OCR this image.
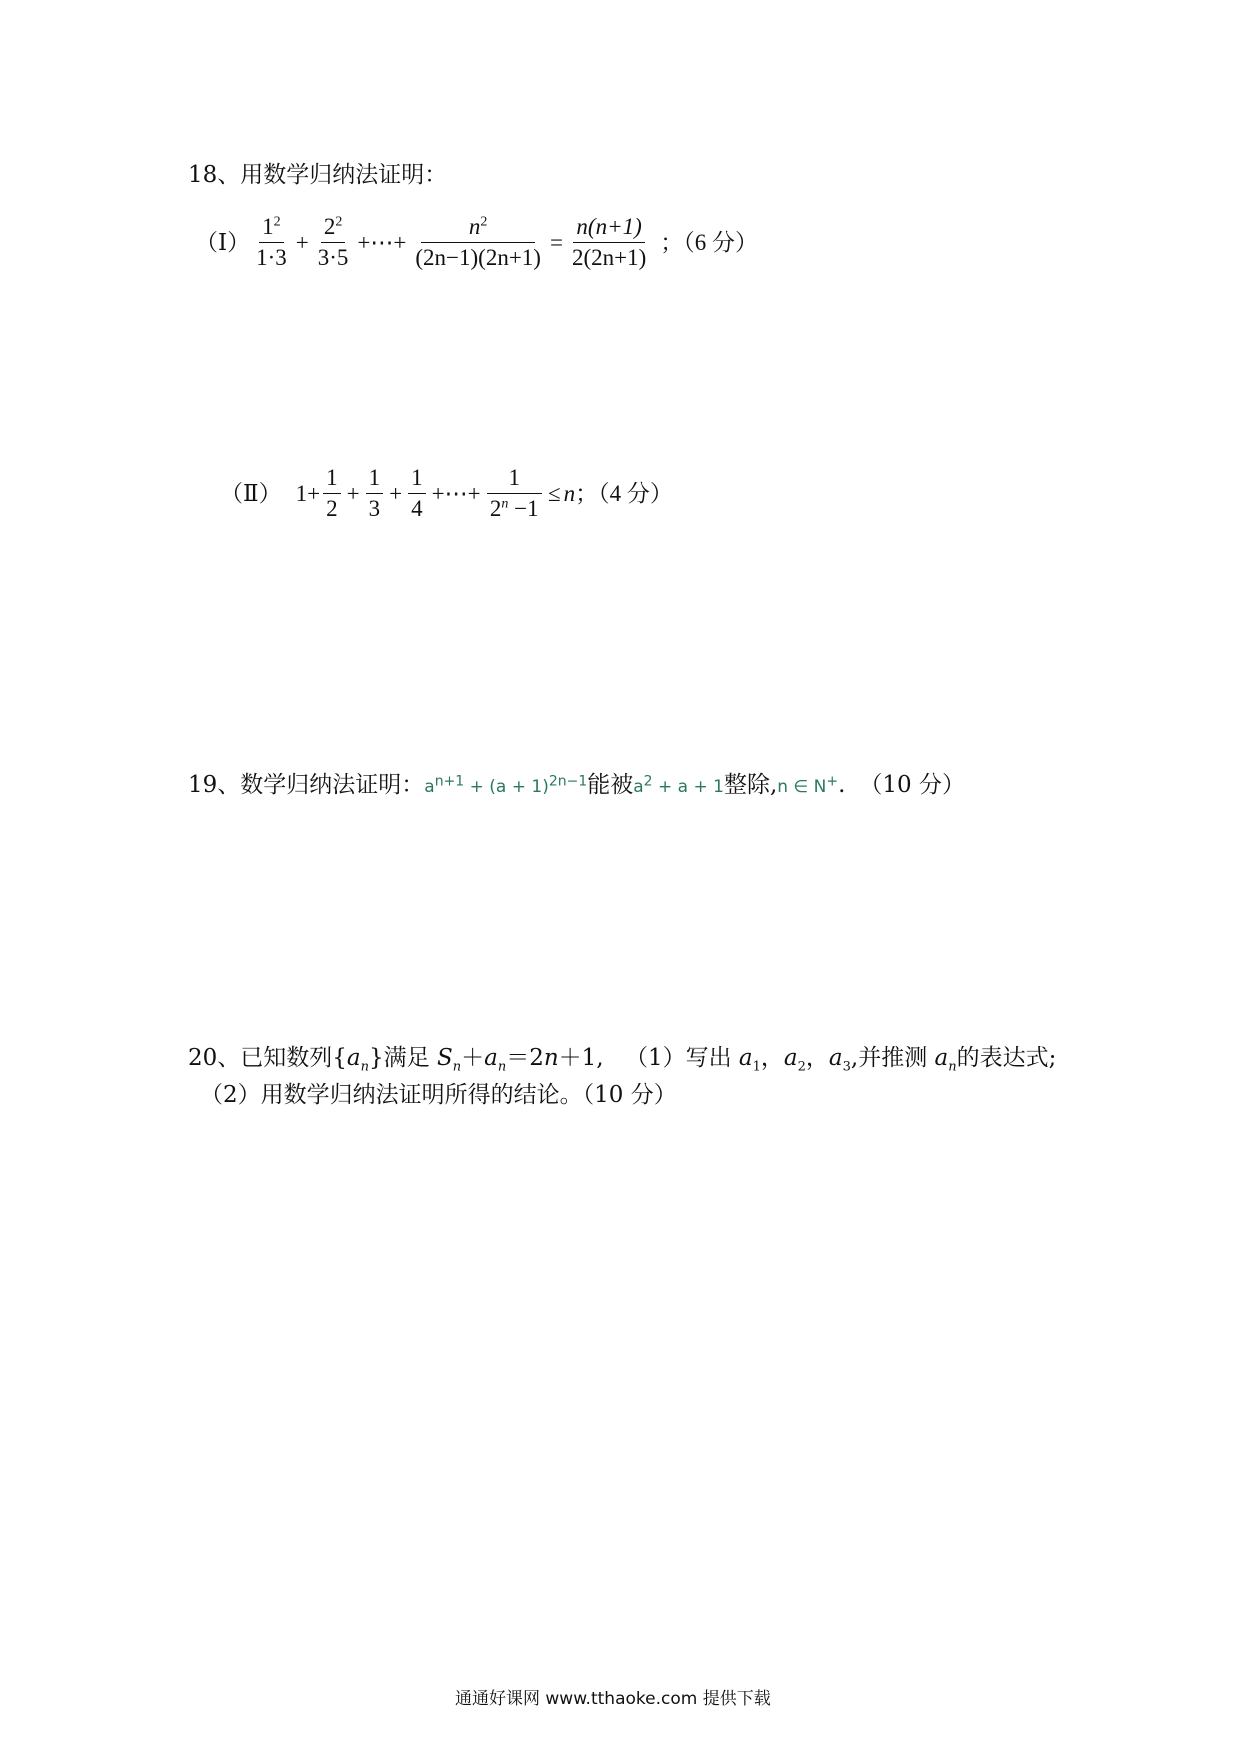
18、用数学归纳法证明：
（Ⅰ） $\frac{1^2}{1\cdot 3} + \frac{2^2}{3\cdot 5}$ +⋯+ $\frac{n^2}{(2n-1)(2n+1)} = \frac{n(n+1)}{2(2n+1)}$ ；（6 分）
（Ⅱ） $1+ \frac{1}{2} + \frac{1}{3} + \frac{1}{4}$ +⋯+ $\frac{1}{2^n -1} \le n$ ；（4 分）
19、数学归纳法证明： $a^{n+1} + (a + 1)^{2n-1}$ 能被 $a^2 + a + 1$ 整除, n ∈ N+ . （10 分）
20、已知数列$\{a_n\}$满足 $S_n+a_n=2n+1$, （1）写出 $a_1$，$a_2$，$a_3$,并推测 $a_n$的表达式;
（2）用数学归纳法证明所得的结论。（10 分）
通通好课网 www.tthaoke.com 提供下载
